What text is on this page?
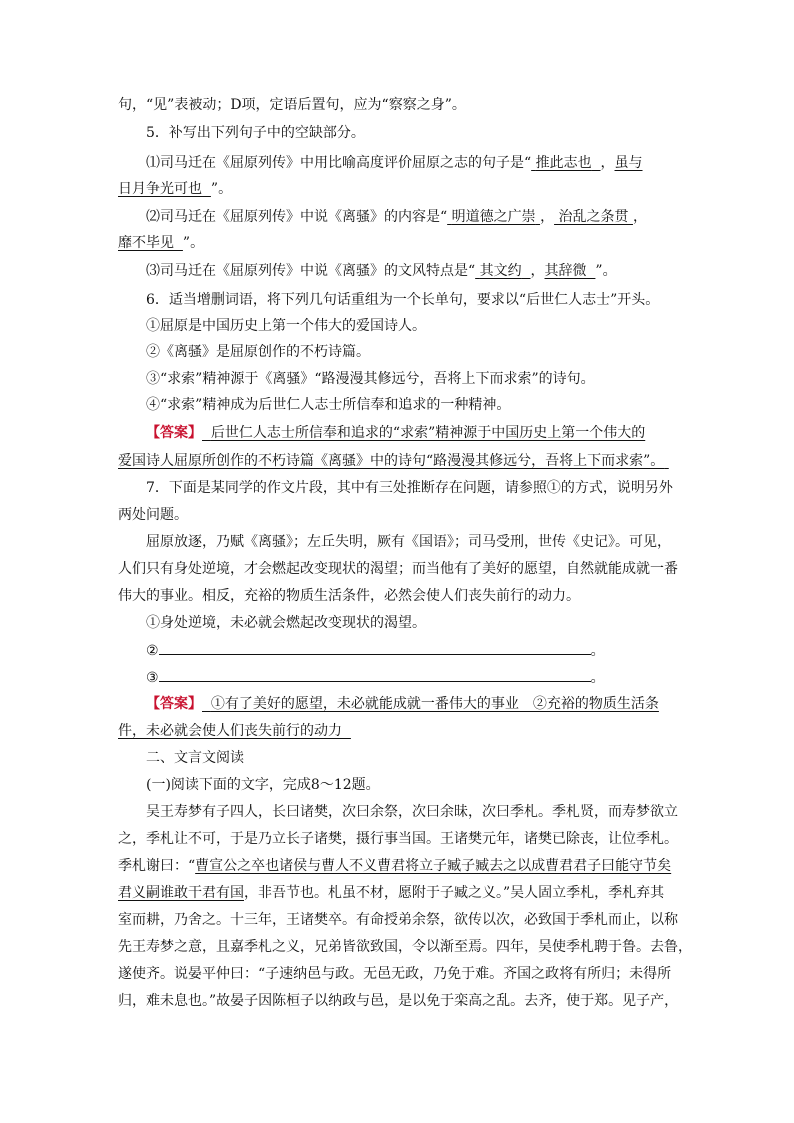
句，“见”表被动；D项，定语后置句，应为“察察之身”。
5．补写出下列句子中的空缺部分。
⑴司马迁在《屈原列传》中用比喻高度评价屈原之志的句子是“ 推此志也 ，虽与
日月争光可也 ”。
⑵司马迁在《屈原列传》中说《离骚》的内容是“ 明道德之广崇 ， 治乱之条贯 ，
靡不毕见 ”。
⑶司马迁在《屈原列传》中说《离骚》的文风特点是“ 其文约 ，其辞微 ”。
6．适当增删词语，将下列几句话重组为一个长单句，要求以“后世仁人志士”开头。
①屈原是中国历史上第一个伟大的爱国诗人。
②《离骚》是屈原创作的不朽诗篇。
③“求索”精神源于《离骚》“路漫漫其修远兮，吾将上下而求索”的诗句。
④“求索”精神成为后世仁人志士所信奉和追求的一种精神。
【答案】 后世仁人志士所信奉和追求的“求索”精神源于中国历史上第一个伟大的
爱国诗人屈原所创作的不朽诗篇《离骚》中的诗句“路漫漫其修远兮，吾将上下而求索”。
7．下面是某同学的作文片段，其中有三处推断存在问题，请参照①的方式，说明另外
两处问题。
屈原放逐，乃赋《离骚》；左丘失明，厥有《国语》；司马受刑，世传《史记》。可见，
人们只有身处逆境，才会燃起改变现状的渴望；而当他有了美好的愿望，自然就能成就一番
伟大的事业。相反，充裕的物质生活条件，必然会使人们丧失前行的动力。
①身处逆境，未必就会燃起改变现状的渴望。
②	。
③	。
【答案】 ①有了美好的愿望，未必就能成就一番伟大的事业　②充裕的物质生活条
件，未必就会使人们丧失前行的动力
二、文言文阅读
(一)阅读下面的文字，完成8～12题。
吴王寿梦有子四人，长曰诸樊，次曰余祭，次曰余昧，次曰季札。季札贤，而寿梦欲立
之，季札让不可，于是乃立长子诸樊，摄行事当国。王诸樊元年，诸樊已除丧，让位季札。
季札谢曰：“曹宣公之卒也诸侯与曹人不义曹君将立子臧子臧去之以成曹君君子曰能守节矣
君义嗣谁敢干君有国，非吾节也。札虽不材，愿附于子臧之义。”吴人固立季札，季札弃其
室而耕，乃舍之。十三年，王诸樊卒。有命授弟余祭，欲传以次，必致国于季札而止，以称
先王寿梦之意，且嘉季札之义，兄弟皆欲致国，令以渐至焉。四年，吴使季札聘于鲁。去鲁，
遂使齐。说晏平仲曰：“子速纳邑与政。无邑无政，乃免于难。齐国之政将有所归；未得所
归，难未息也。”故晏子因陈桓子以纳政与邑，是以免于栾高之乱。去齐，使于郑。见子产，
